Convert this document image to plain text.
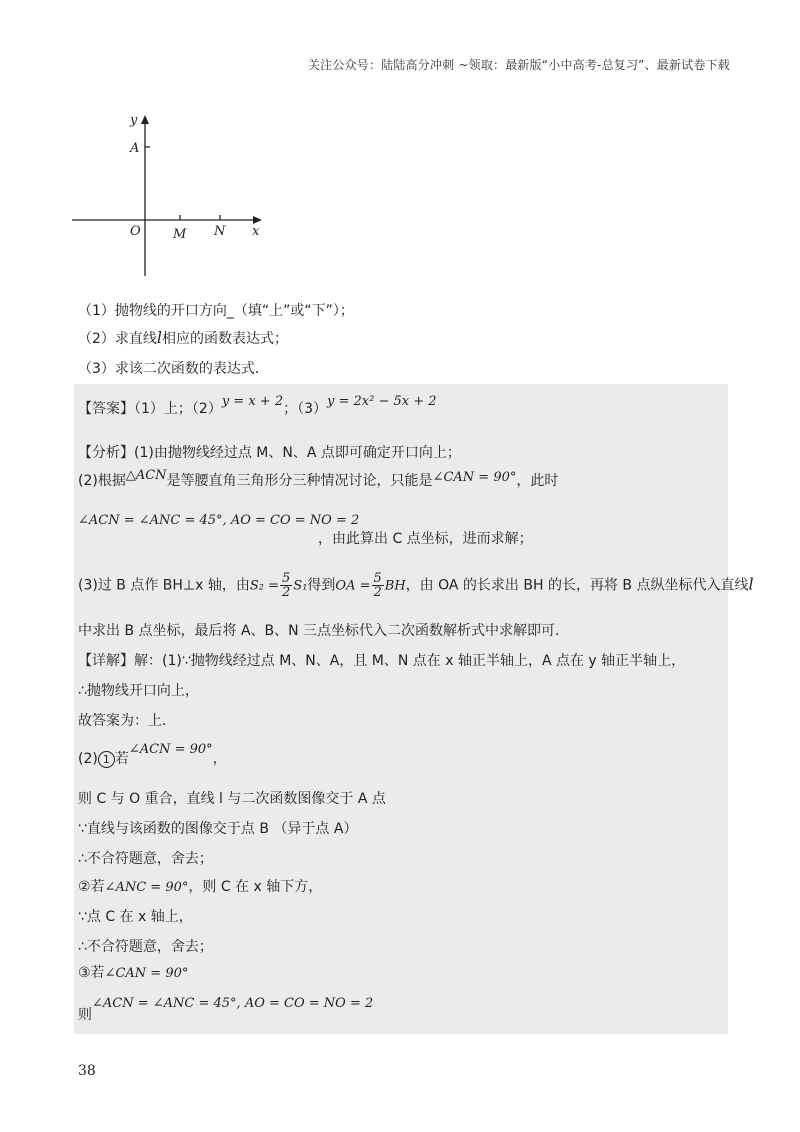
关注公众号：陆陆高分冲刺 ~领取：最新版“小中高考-总复习”、最新试卷下载
y
A
O M N x
（1）抛物线的开口方向_（填“上”或“下”）；
（2）求直线l相应的函数表达式；
（3）求该二次函数的表达式．
【答案】（1）上；（2）y = x + 2；（3）y = 2x² − 5x + 2
【分析】(1)由抛物线经过点 M、N、A 点即可确定开口向上；
(2)根据△ACN是等腰直角三角形分三种情况讨论，只能是∠CAN = 90°，此时
∠ACN = ∠ANC = 45°, AO = CO = NO = 2
，由此算出 C 点坐标，进而求解；
(3)过 B 点作 BH⊥x 轴，由$S_2 = \frac{5}{2} S_1$得到OA = $\frac{5}{2}$ BH，由 OA 的长求出 BH 的长，再将 B 点纵坐标代入直线l
中求出 B 点坐标，最后将 A、B、N 三点坐标代入二次函数解析式中求解即可.
【详解】解：(1)∵抛物线经过点 M、N、A，且 M、N 点在 x 轴正半轴上，A 点在 y 轴正半轴上，
∴抛物线开口向上，
故答案为：上．
(2) 1 若∠ACN = 90°，
则 C 与 O 重合，直线 l 与二次函数图像交于 A 点
∵直线与该函数的图像交于点 B （异于点 A）
∴不合符题意，舍去；
②若∠ANC = 90°，则 C 在 x 轴下方，
∵点 C 在 x 轴上，
∴不合符题意，舍去；
③若∠CAN = 90°
则∠ACN = ∠ANC = 45°, AO = CO = NO = 2
38
